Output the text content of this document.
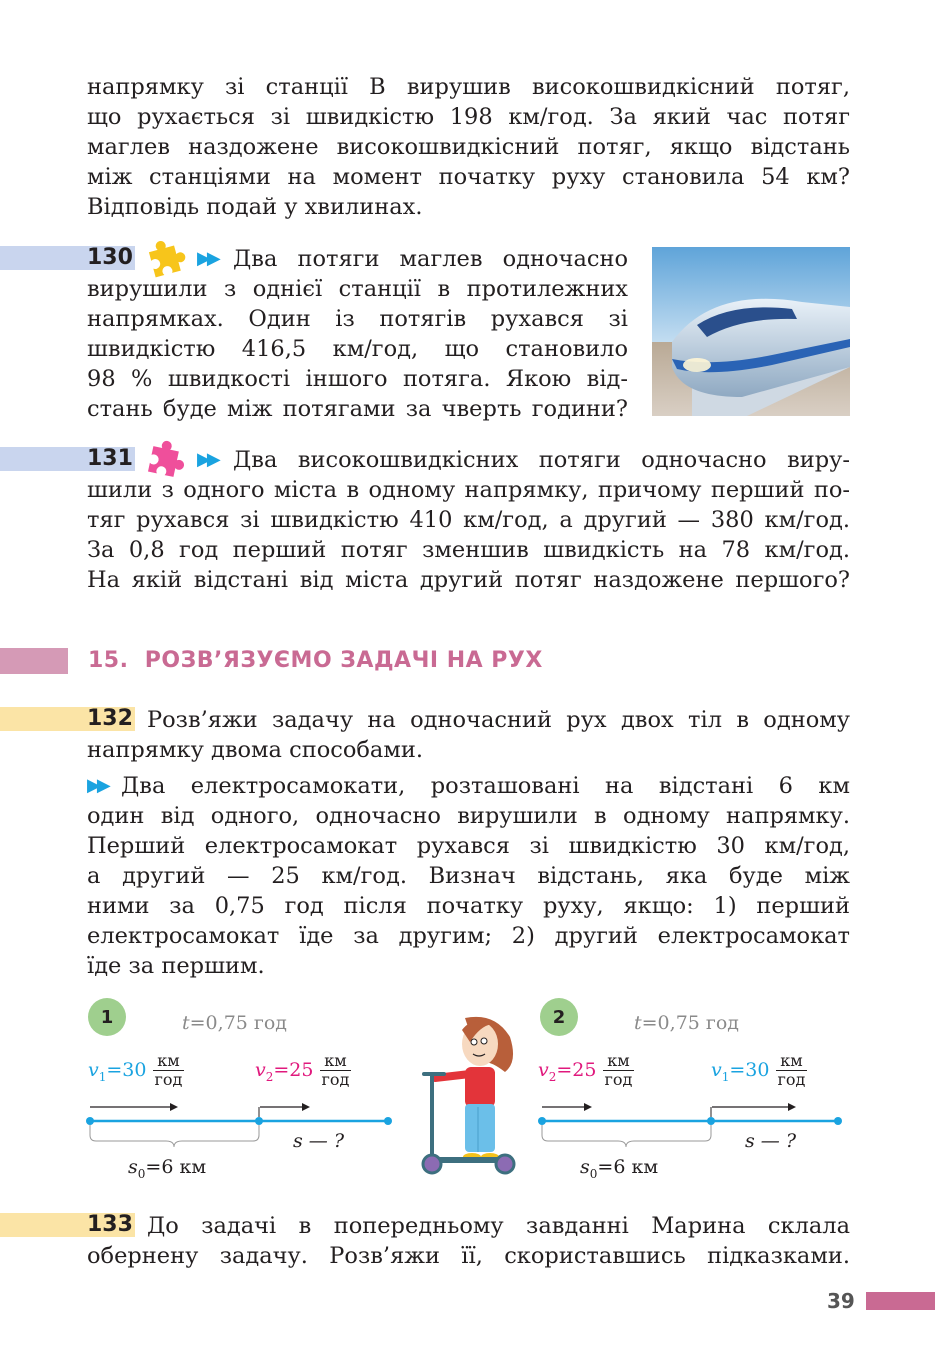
напрямку зі станції B вирушив високошвидкісний потяг,
що рухається зі швидкістю 198 км/год. За який час потяг
маглев наздожене високошвидкісний потяг, якщо відстань
між станціями на момент початку руху становила 54 км?
Відповідь подай у хвилинах.
130	▶▶ Два потяги маглев одночасно
вирушили з однієї станції в протилежних
напрямках. Один із потягів рухався зі
швидкістю 416,5 км/год, що становило
98 % швидкості іншого потяга. Якою від-
стань буде між потягами за чверть години?
131	▶▶ Два високошвидкісних потяги одночасно виру-
шили з одного міста в одному напрямку, причому перший по-
тяг рухався зі швидкістю 410 км/год, а другий — 380 км/год.
За 0,8 год перший потяг зменшив швидкість на 78 км/год.
На якій відстані від міста другий потяг наздожене першого?
15.  РОЗВ’ЯЗУЄМО ЗАДАЧІ НА РУХ
132 Розв’яжи задачу на одночасний рух двох тіл в одному
напрямку двома способами.
▶▶ Два електросамокати, розташовані на відстані 6 км
один від одного, одночасно вирушили в одному напрямку.
Перший електросамокат рухався зі швидкістю 30 км/год,
а другий — 25 км/год. Визнач відстань, яка буде між
ними за 0,75 год після початку руху, якщо: 1) перший
електросамокат їде за другим; 2) другий електросамокат
їде за першим.
1	t=0,75 год
$v_1=30 \frac{км}{\text{год}}$	$v_2=25 \frac{км}{\text{год}}$
$s_0=6$ км
s — ?
2	t=0,75 год
$v_2=25 \frac{км}{\text{год}}$	$v_1=30 \frac{км}{\text{год}}$
$s_0=6$ км
s — ?
133 До задачі в попередньому завданні Марина склала
обернену задачу. Розв’яжи її, скориставшись підказками.
39
